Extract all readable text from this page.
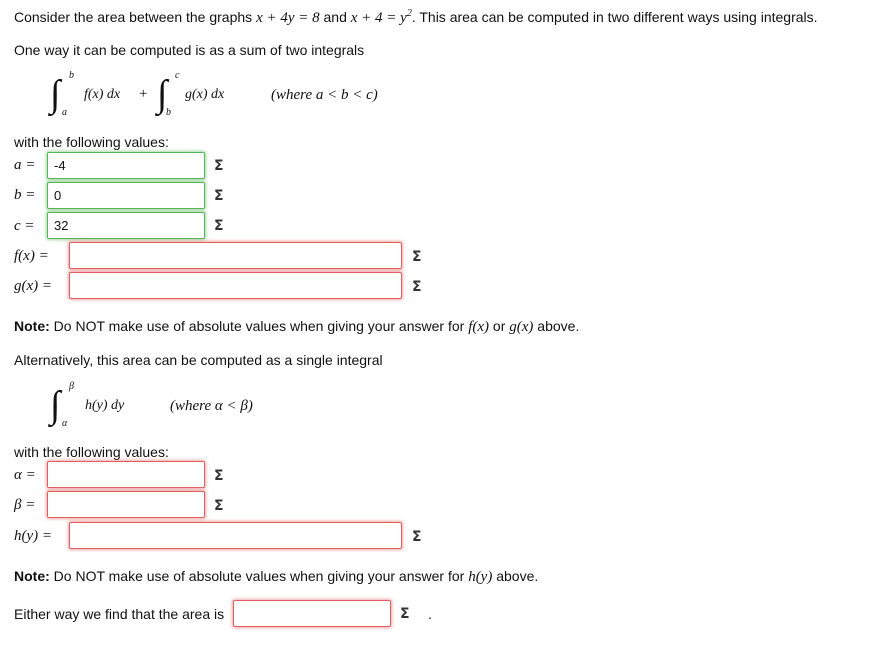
Consider the area between the graphs x + 4y = 8 and $x + 4 = y^2$. This area can be computed in two different ways using integrals.
One way it can be computed is as a sum of two integrals
∫ b
a
f(x) dx + ∫ c
b
g(x) dx	(where a < b < c)
with the following values:
a =
-4	Σ
b =
0	Σ
c =
32	Σ
f(x) =	Σ
g(x) =	Σ
Note: Do NOT make use of absolute values when giving your answer for f(x) or g(x) above.
Alternatively, this area can be computed as a single integral
∫ β
α
h(y) dy	(where α < β)
with the following values:
α =	Σ
β =	Σ
h(y) =	Σ
Note: Do NOT make use of absolute values when giving your answer for h(y) above.
Either way we find that the area is	Σ .
